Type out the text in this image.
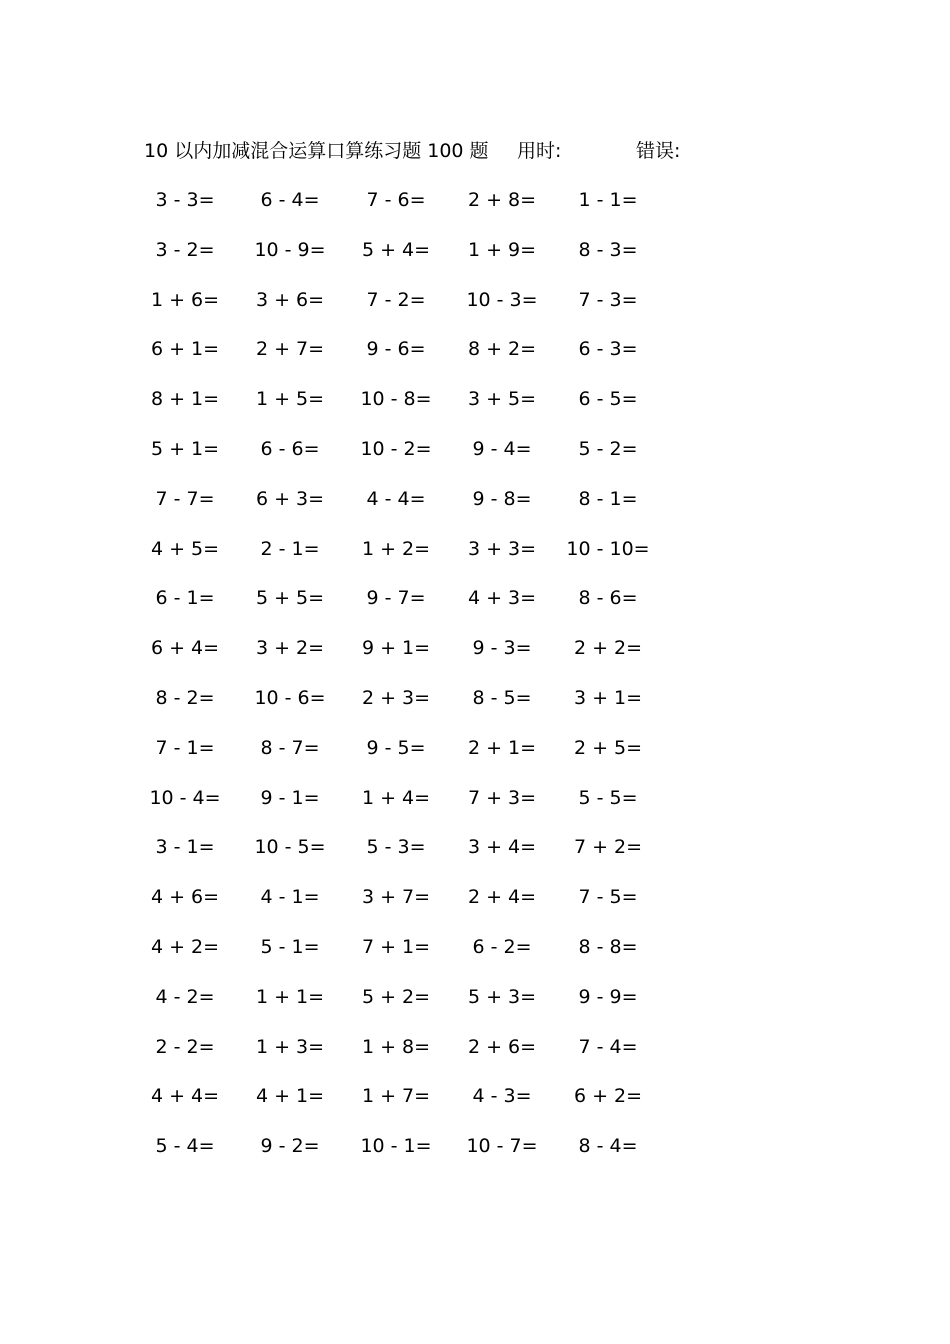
10 以内加减混合运算口算练习题 100 题 用时:	错误:
3 - 3=	6 - 4=	7 - 6=	2 + 8=	1 - 1=
3 - 2=	10 - 9=	5 + 4=	1 + 9=	8 - 3=
1 + 6=	3 + 6=	7 - 2=	10 - 3=	7 - 3=
6 + 1=	2 + 7=	9 - 6=	8 + 2=	6 - 3=
8 + 1=	1 + 5=	10 - 8=	3 + 5=	6 - 5=
5 + 1=	6 - 6=	10 - 2=	9 - 4=	5 - 2=
7 - 7=	6 + 3=	4 - 4=	9 - 8=	8 - 1=
4 + 5=	2 - 1=	1 + 2=	3 + 3=	10 - 10=
6 - 1=	5 + 5=	9 - 7=	4 + 3=	8 - 6=
6 + 4=	3 + 2=	9 + 1=	9 - 3=	2 + 2=
8 - 2=	10 - 6=	2 + 3=	8 - 5=	3 + 1=
7 - 1=	8 - 7=	9 - 5=	2 + 1=	2 + 5=
10 - 4=	9 - 1=	1 + 4=	7 + 3=	5 - 5=
3 - 1=	10 - 5=	5 - 3=	3 + 4=	7 + 2=
4 + 6=	4 - 1=	3 + 7=	2 + 4=	7 - 5=
4 + 2=	5 - 1=	7 + 1=	6 - 2=	8 - 8=
4 - 2=	1 + 1=	5 + 2=	5 + 3=	9 - 9=
2 - 2=	1 + 3=	1 + 8=	2 + 6=	7 - 4=
4 + 4=	4 + 1=	1 + 7=	4 - 3=	6 + 2=
5 - 4=	9 - 2=	10 - 1=	10 - 7=	8 - 4=
